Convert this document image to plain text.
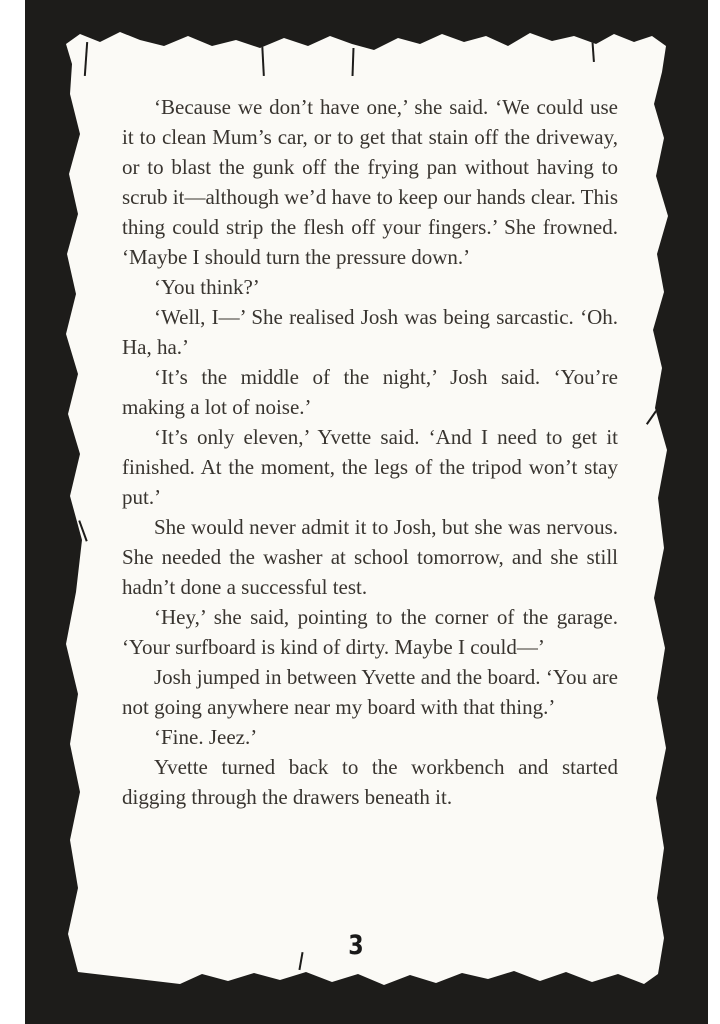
‘Because we don’t have one,’ she said. ‘We could use it to clean Mum’s car, or to get that stain off the driveway, or to blast the gunk off the frying pan without having to scrub it—although we’d have to keep our hands clear. This thing could strip the flesh off your fingers.’ She frowned. ‘Maybe I should turn the pressure down.’

‘You think?’

‘Well, I—’ She realised Josh was being sarcastic. ‘Oh. Ha, ha.’

‘It’s the middle of the night,’ Josh said. ‘You’re making a lot of noise.’

‘It’s only eleven,’ Yvette said. ‘And I need to get it finished. At the moment, the legs of the tripod won’t stay put.’

She would never admit it to Josh, but she was nervous. She needed the washer at school tomorrow, and she still hadn’t done a successful test.

‘Hey,’ she said, pointing to the corner of the garage. ‘Your surfboard is kind of dirty. Maybe I could—’

Josh jumped in between Yvette and the board. ‘You are not going anywhere near my board with that thing.’

‘Fine. Jeez.’

Yvette turned back to the workbench and started digging through the drawers beneath it.

3
